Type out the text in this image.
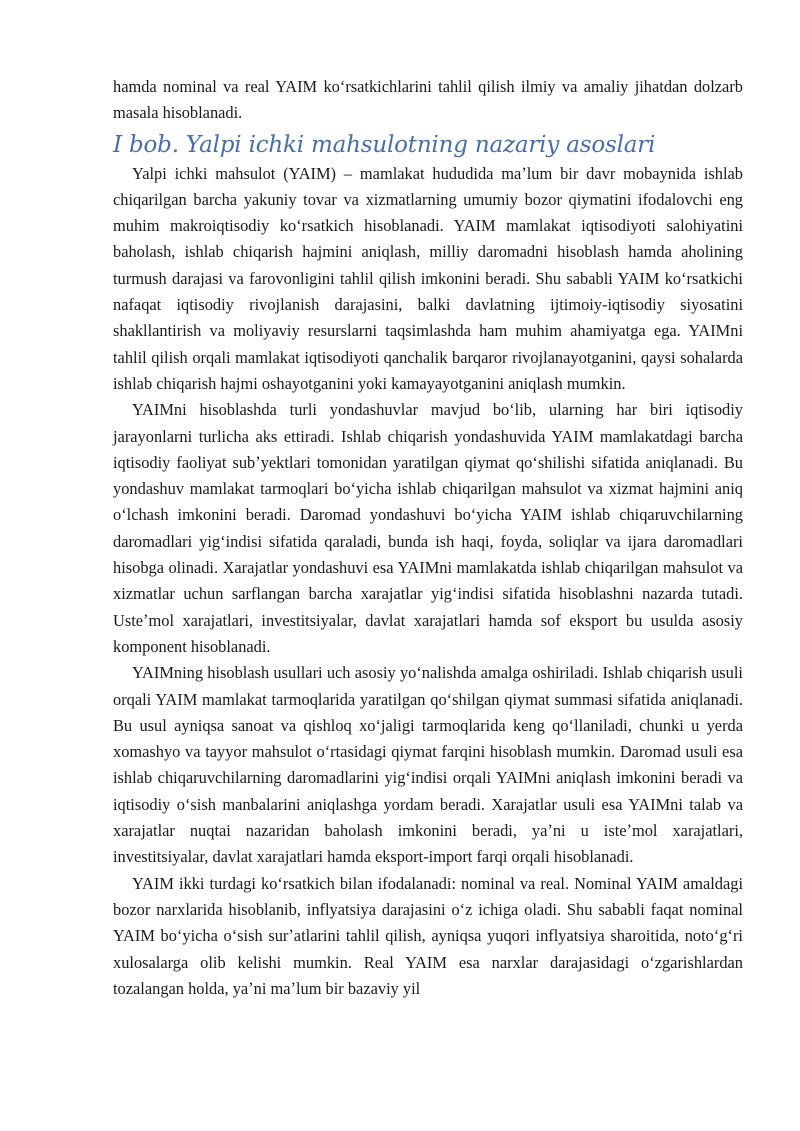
hamda nominal va real YAIM koʻrsatkichlarini tahlil qilish ilmiy va amaliy jihatdan dolzarb masala hisoblanadi.

I bob. Yalpi ichki mahsulotning nazariy asoslari

Yalpi ichki mahsulot (YAIM) – mamlakat hududida maʼlum bir davr mobaynida ishlab chiqarilgan barcha yakuniy tovar va xizmatlarning umumiy bozor qiymatini ifodalovchi eng muhim makroiqtisodiy koʻrsatkich hisoblanadi. YAIM mamlakat iqtisodiyoti salohiyatini baholash, ishlab chiqarish hajmini aniqlash, milliy daromadni hisoblash hamda aholining turmush darajasi va farovonligini tahlil qilish imkonini beradi. Shu sababli YAIM koʻrsatkichi nafaqat iqtisodiy rivojlanish darajasini, balki davlatning ijtimoiy-iqtisodiy siyosatini shakllantirish va moliyaviy resurslarni taqsimlashda ham muhim ahamiyatga ega. YAIMni tahlil qilish orqali mamlakat iqtisodiyoti qanchalik barqaror rivojlanayotganini, qaysi sohalarda ishlab chiqarish hajmi oshayotganini yoki kamayayotganini aniqlash mumkin.

YAIMni hisoblashda turli yondashuvlar mavjud boʻlib, ularning har biri iqtisodiy jarayonlarni turlicha aks ettiradi. Ishlab chiqarish yondashuvida YAIM mamlakatdagi barcha iqtisodiy faoliyat subʼyektlari tomonidan yaratilgan qiymat qoʻshilishi sifatida aniqlanadi. Bu yondashuv mamlakat tarmoqlari boʻyicha ishlab chiqarilgan mahsulot va xizmat hajmini aniq oʻlchash imkonini beradi. Daromad yondashuvi boʻyicha YAIM ishlab chiqaruvchilarning daromadlari yigʻindisi sifatida qaraladi, bunda ish haqi, foyda, soliqlar va ijara daromadlari hisobga olinadi. Xarajatlar yondashuvi esa YAIMni mamlakatda ishlab chiqarilgan mahsulot va xizmatlar uchun sarflangan barcha xarajatlar yigʻindisi sifatida hisoblashni nazarda tutadi. Usteʼmol xarajatlari, investitsiyalar, davlat xarajatlari hamda sof eksport bu usulda asosiy komponent hisoblanadi.

YAIMning hisoblash usullari uch asosiy yoʻnalishda amalga oshiriladi. Ishlab chiqarish usuli orqali YAIM mamlakat tarmoqlarida yaratilgan qoʻshilgan qiymat summasi sifatida aniqlanadi. Bu usul ayniqsa sanoat va qishloq xoʻjaligi tarmoqlarida keng qoʻllaniladi, chunki u yerda xomashyo va tayyor mahsulot oʻrtasidagi qiymat farqini hisoblash mumkin. Daromad usuli esa ishlab chiqaruvchilarning daromadlarini yigʻindisi orqali YAIMni aniqlash imkonini beradi va iqtisodiy oʻsish manbalarini aniqlashga yordam beradi. Xarajatlar usuli esa YAIMni talab va xarajatlar nuqtai nazaridan baholash imkonini beradi, yaʼni u isteʼmol xarajatlari, investitsiyalar, davlat xarajatlari hamda eksport-import farqi orqali hisoblanadi.

YAIM ikki turdagi koʻrsatkich bilan ifodalanadi: nominal va real. Nominal YAIM amaldagi bozor narxlarida hisoblanib, inflyatsiya darajasini oʻz ichiga oladi. Shu sababli faqat nominal YAIM boʻyicha oʻsish surʼatlarini tahlil qilish, ayniqsa yuqori inflyatsiya sharoitida, notoʻgʻri xulosalarga olib kelishi mumkin. Real YAIM esa narxlar darajasidagi oʻzgarishlardan tozalangan holda, yaʼni maʼlum bir bazaviy yil
